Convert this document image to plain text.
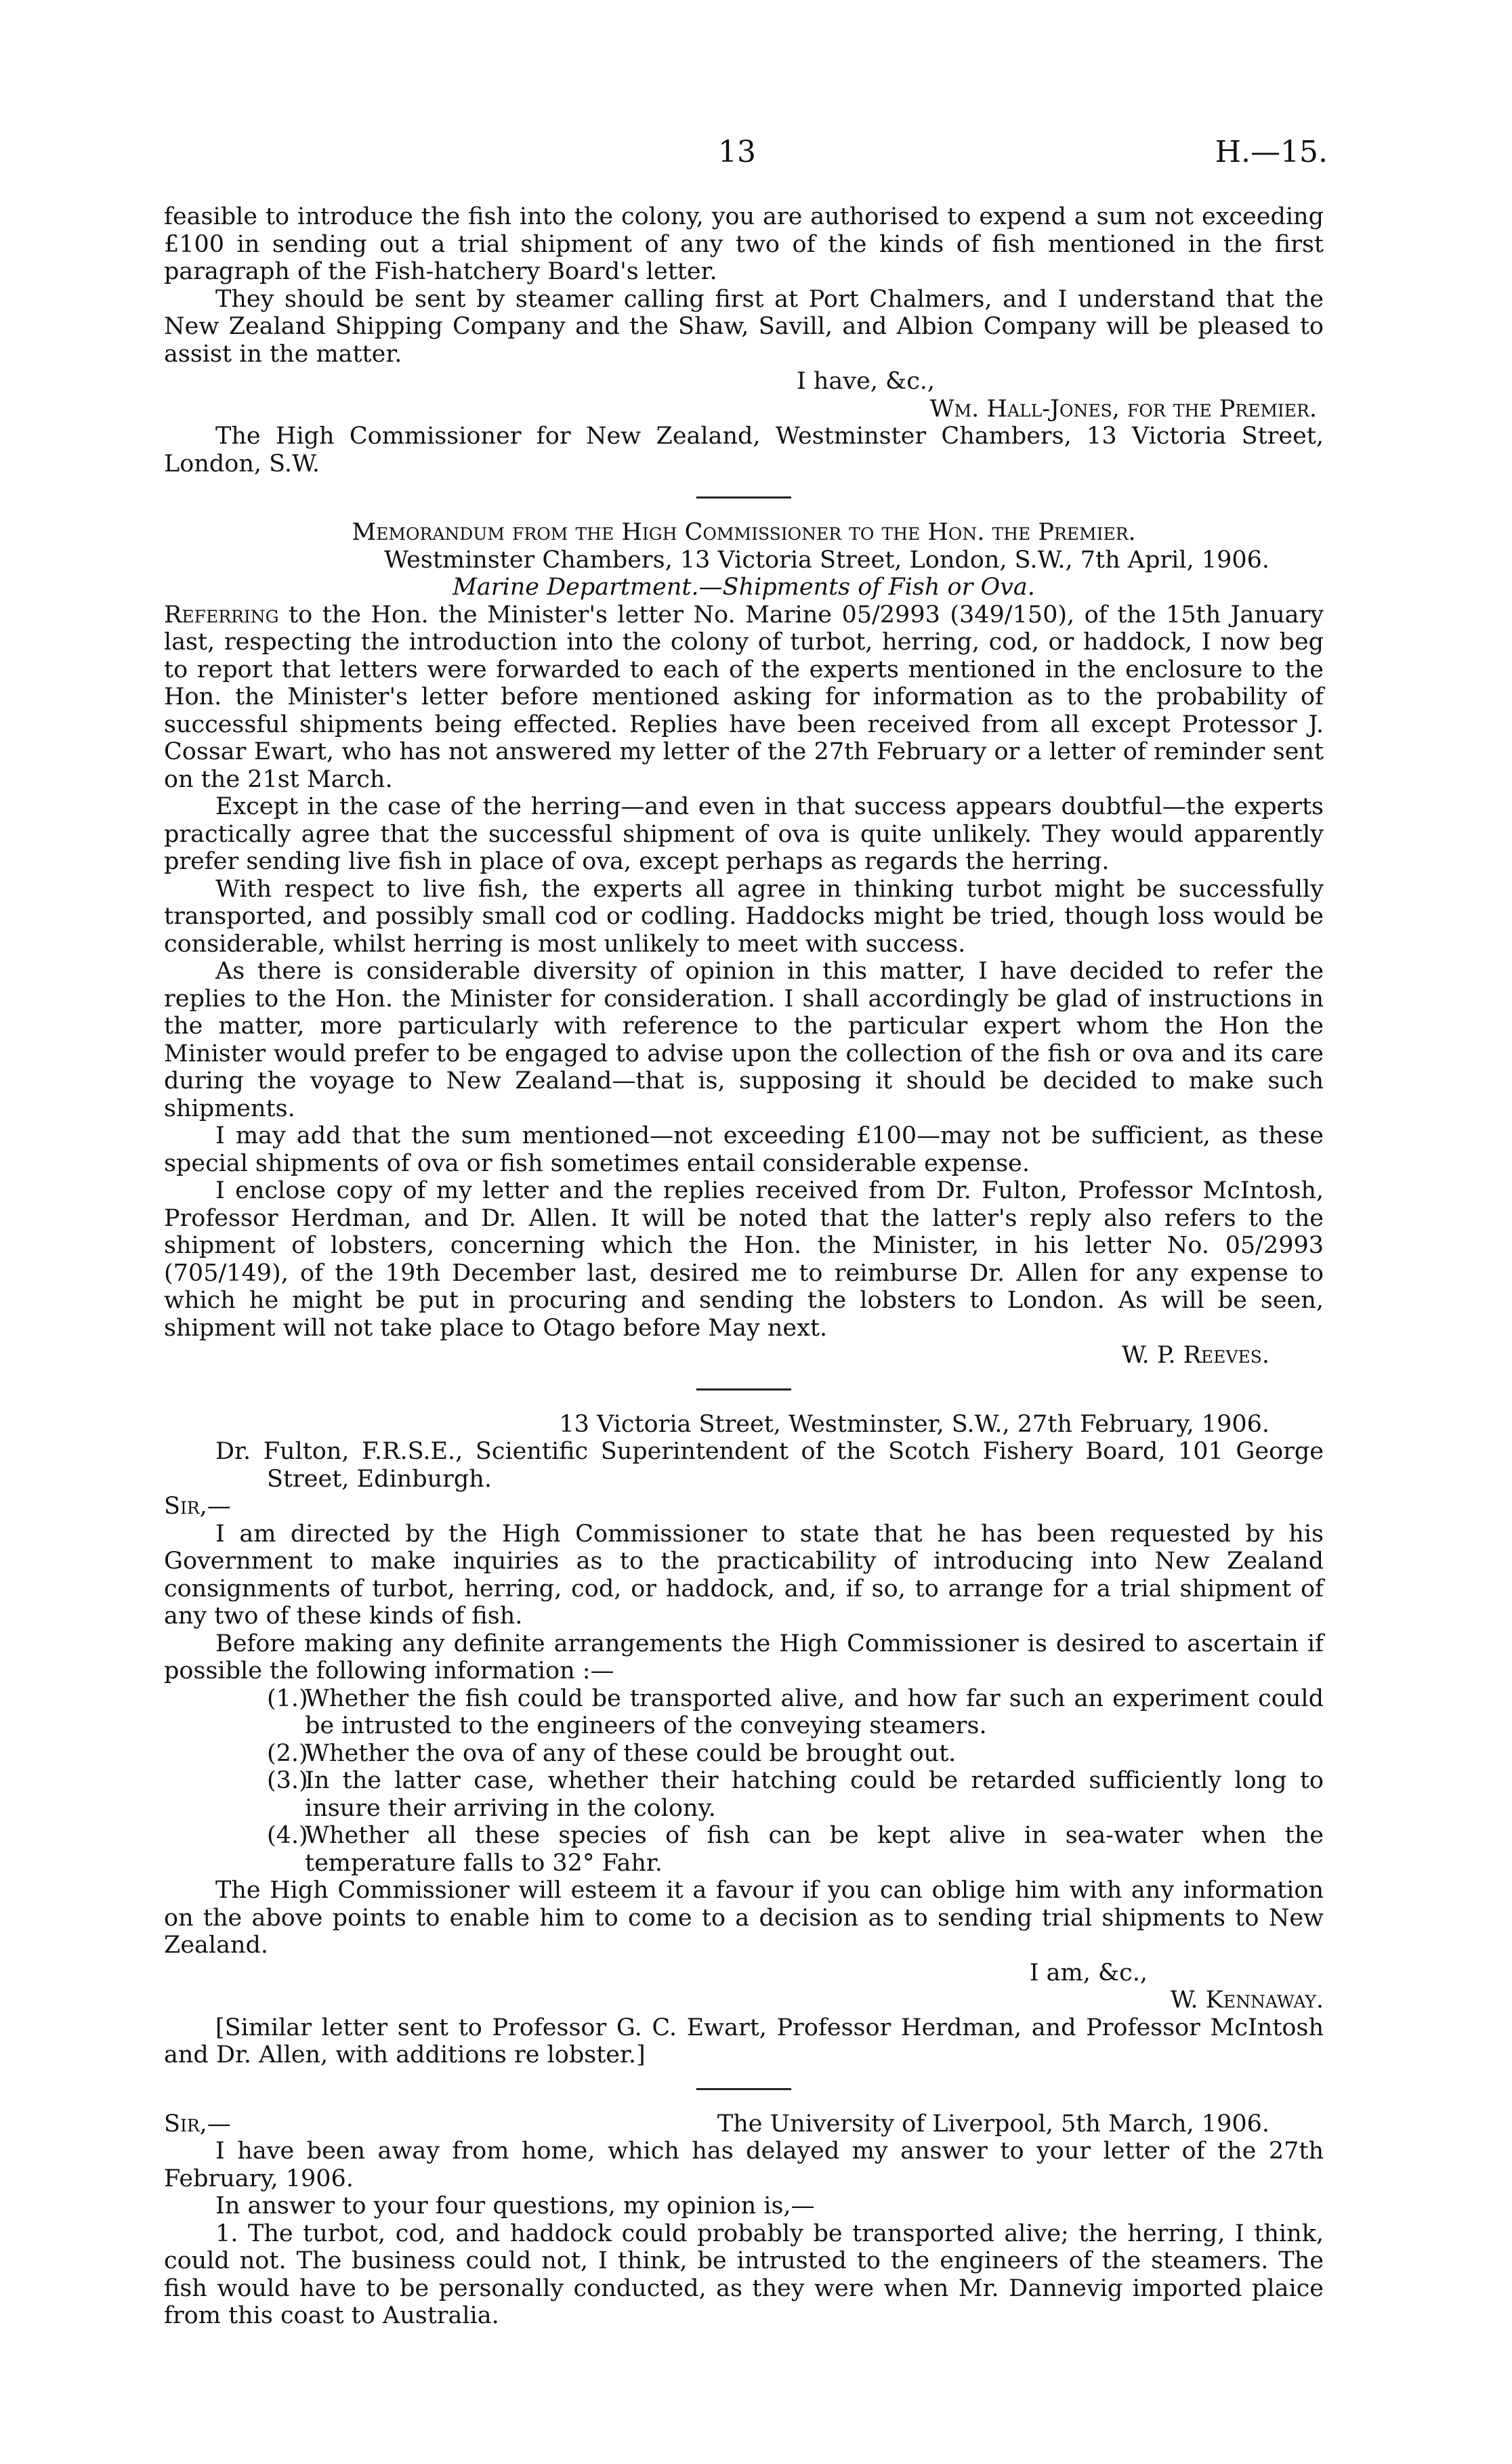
13	H.—15.

feasible to introduce the fish into the colony, you are authorised to expend a sum not exceeding £100 in sending out a trial shipment of any two of the kinds of fish mentioned in the first paragraph of the Fish-hatchery Board's letter.

They should be sent by steamer calling first at Port Chalmers, and I understand that the New Zealand Shipping Company and the Shaw, Savill, and Albion Company will be pleased to assist in the matter.

I have, &c.,

Wm. Hall-Jones, for the Premier.

The High Commissioner for New Zealand, Westminster Chambers, 13 Victoria Street, London, S.W.

Memorandum from the High Commissioner to the Hon. the Premier.

Westminster Chambers, 13 Victoria Street, London, S.W., 7th April, 1906.

Marine Department.—Shipments of Fish or Ova.

Referring to the Hon. the Minister's letter No. Marine 05/2993 (349/150), of the 15th January last, respecting the introduction into the colony of turbot, herring, cod, or haddock, I now beg to report that letters were forwarded to each of the experts mentioned in the enclosure to the Hon. the Minister's letter before mentioned asking for information as to the probability of successful shipments being effected. Replies have been received from all except Protessor J. Cossar Ewart, who has not answered my letter of the 27th February or a letter of reminder sent on the 21st March.

Except in the case of the herring—and even in that success appears doubtful—the experts practically agree that the successful shipment of ova is quite unlikely. They would apparently prefer sending live fish in place of ova, except perhaps as regards the herring.

With respect to live fish, the experts all agree in thinking turbot might be successfully transported, and possibly small cod or codling. Haddocks might be tried, though loss would be considerable, whilst herring is most unlikely to meet with success.

As there is considerable diversity of opinion in this matter, I have decided to refer the replies to the Hon. the Minister for consideration. I shall accordingly be glad of instructions in the matter, more particularly with reference to the particular expert whom the Hon the Minister would prefer to be engaged to advise upon the collection of the fish or ova and its care during the voyage to New Zealand—that is, supposing it should be decided to make such shipments.

I may add that the sum mentioned—not exceeding £100—may not be sufficient, as these special shipments of ova or fish sometimes entail considerable expense.

I enclose copy of my letter and the replies received from Dr. Fulton, Professor McIntosh, Professor Herdman, and Dr. Allen. It will be noted that the latter's reply also refers to the shipment of lobsters, concerning which the Hon. the Minister, in his letter No. 05/2993 (705/149), of the 19th December last, desired me to reimburse Dr. Allen for any expense to which he might be put in procuring and sending the lobsters to London. As will be seen, shipment will not take place to Otago before May next.

W. P. Reeves.

13 Victoria Street, Westminster, S.W., 27th February, 1906.

Dr. Fulton, F.R.S.E., Scientific Superintendent of the Scotch Fishery Board, 101 George Street, Edinburgh.

Sir,—

I am directed by the High Commissioner to state that he has been requested by his Government to make inquiries as to the practicability of introducing into New Zealand consignments of turbot, herring, cod, or haddock, and, if so, to arrange for a trial shipment of any two of these kinds of fish.

Before making any definite arrangements the High Commissioner is desired to ascertain if possible the following information :—

(1.)Whether the fish could be transported alive, and how far such an experiment could be intrusted to the engineers of the conveying steamers.

(2.)Whether the ova of any of these could be brought out.

(3.)In the latter case, whether their hatching could be retarded sufficiently long to insure their arriving in the colony.

(4.)Whether all these species of fish can be kept alive in sea-water when the temperature falls to 32° Fahr.

The High Commissioner will esteem it a favour if you can oblige him with any information on the above points to enable him to come to a decision as to sending trial shipments to New Zealand.

I am, &c.,

W. Kennaway.

[Similar letter sent to Professor G. C. Ewart, Professor Herdman, and Professor McIntosh and Dr. Allen, with additions re lobster.]

Sir,—	The University of Liverpool, 5th March, 1906.

I have been away from home, which has delayed my answer to your letter of the 27th February, 1906.

In answer to your four questions, my opinion is,—

1. The turbot, cod, and haddock could probably be transported alive; the herring, I think, could not. The business could not, I think, be intrusted to the engineers of the steamers. The fish would have to be personally conducted, as they were when Mr. Dannevig imported plaice from this coast to Australia.
